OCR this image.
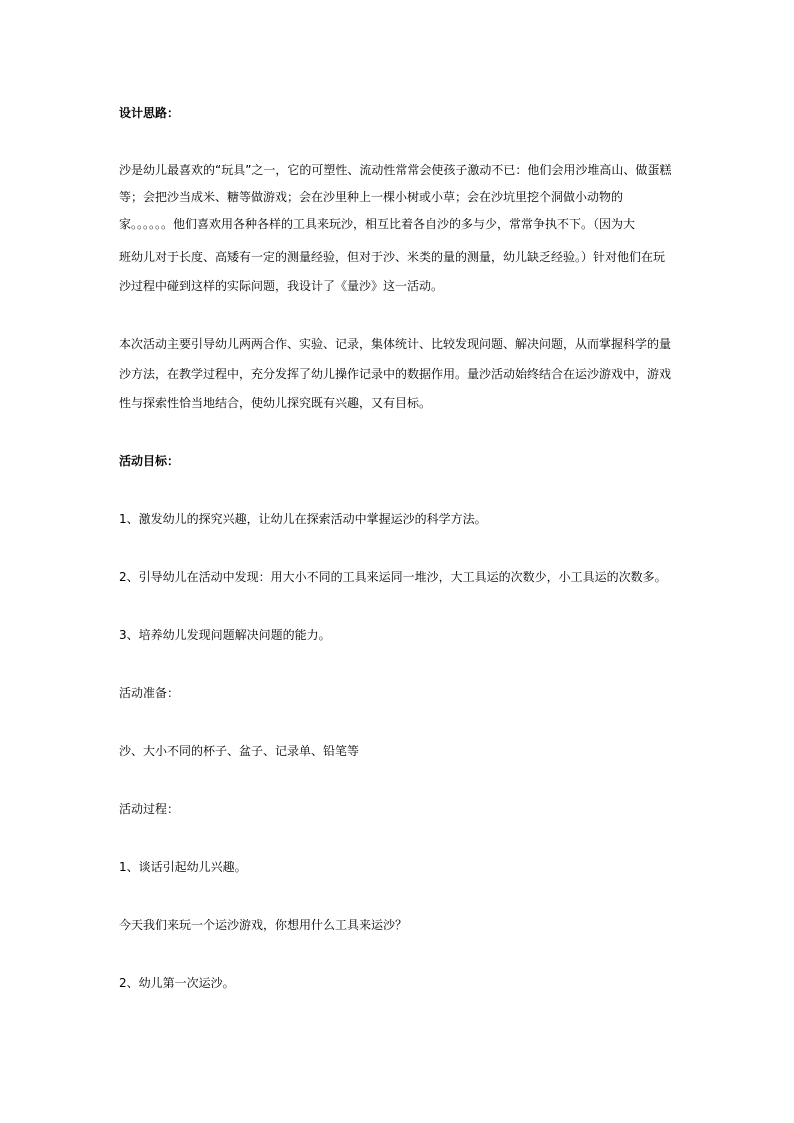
设计思路：
沙是幼儿最喜欢的“玩具”之一，它的可塑性、流动性常常会使孩子激动不已：他们会用沙堆高山、做蛋糕
等；会把沙当成米、糖等做游戏；会在沙里种上一棵小树或小草；会在沙坑里挖个洞做小动物的
家。。。。。。他们喜欢用各种各样的工具来玩沙，相互比着各自沙的多与少，常常争执不下。（因为大
班幼儿对于长度、高矮有一定的测量经验，但对于沙、米类的量的测量，幼儿缺乏经验。）针对他们在玩
沙过程中碰到这样的实际问题，我设计了《量沙》这一活动。
本次活动主要引导幼儿两两合作、实验、记录，集体统计、比较发现问题、解决问题，从而掌握科学的量
沙方法，在教学过程中，充分发挥了幼儿操作记录中的数据作用。量沙活动始终结合在运沙游戏中，游戏
性与探索性恰当地结合，使幼儿探究既有兴趣，又有目标。
活动目标：
1、激发幼儿的探究兴趣，让幼儿在探索活动中掌握运沙的科学方法。
2、引导幼儿在活动中发现：用大小不同的工具来运同一堆沙，大工具运的次数少，小工具运的次数多。
3、培养幼儿发现问题解决问题的能力。
活动准备：
沙、大小不同的杯子、盆子、记录单、铅笔等
活动过程：
1、谈话引起幼儿兴趣。
今天我们来玩一个运沙游戏，你想用什么工具来运沙？
2、幼儿第一次运沙。
